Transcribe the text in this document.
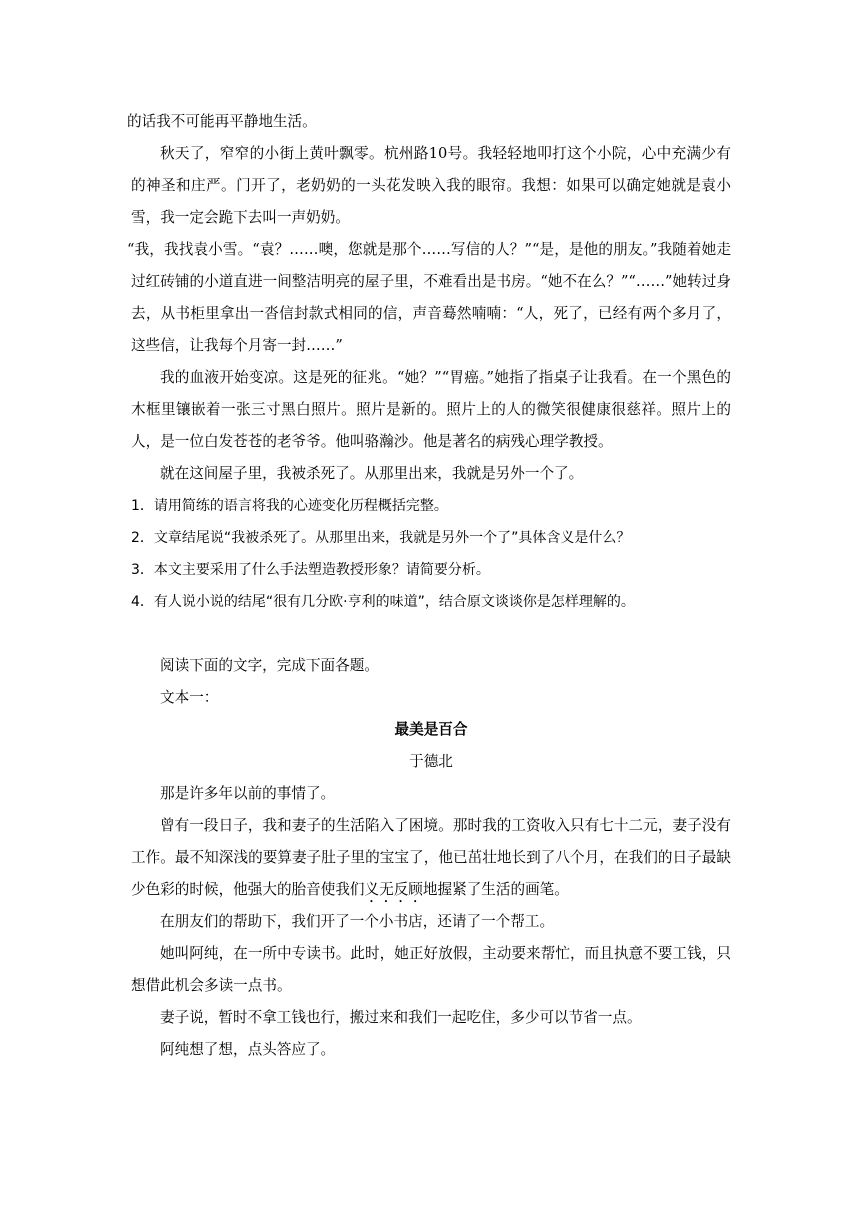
的话我不可能再平静地生活。

秋天了，窄窄的小街上黄叶飘零。杭州路10号。我轻轻地叩打这个小院，心中充满少有的神圣和庄严。门开了，老奶奶的一头花发映入我的眼帘。我想：如果可以确定她就是袁小雪，我一定会跪下去叫一声奶奶。

“我，我找袁小雪。“袁？……噢，您就是那个……写信的人？”“是，是他的朋友。”我随着她走过红砖铺的小道直进一间整洁明亮的屋子里，不难看出是书房。“她不在么？”“……”她转过身去，从书柜里拿出一沓信封款式相同的信，声音蓦然喃喃：“人，死了，已经有两个多月了，这些信，让我每个月寄一封……”

我的血液开始变凉。这是死的征兆。“她？”“胃癌。”她指了指桌子让我看。在一个黑色的木框里镶嵌着一张三寸黑白照片。照片是新的。照片上的人的微笑很健康很慈祥。照片上的人，是一位白发苍苍的老爷爷。他叫骆瀚沙。他是著名的病残心理学教授。

就在这间屋子里，我被杀死了。从那里出来，我就是另外一个了。

1．请用简练的语言将我的心迹变化历程概括完整。

2．文章结尾说“我被杀死了。从那里出来，我就是另外一个了”具体含义是什么？

3．本文主要采用了什么手法塑造教授形象？请简要分析。

4．有人说小说的结尾“很有几分欧·亨利的味道”，结合原文谈谈你是怎样理解的。

阅读下面的文字，完成下面各题。

文本一：

最美是百合

于德北

那是许多年以前的事情了。

曾有一段日子，我和妻子的生活陷入了困境。那时我的工资收入只有七十二元，妻子没有工作。最不知深浅的要算妻子肚子里的宝宝了，他已茁壮地长到了八个月，在我们的日子最缺少色彩的时候，他强大的胎音使我们义无反顾地握紧了生活的画笔。

在朋友们的帮助下，我们开了一个小书店，还请了一个帮工。

她叫阿纯，在一所中专读书。此时，她正好放假，主动要来帮忙，而且执意不要工钱，只想借此机会多读一点书。

妻子说，暂时不拿工钱也行，搬过来和我们一起吃住，多少可以节省一点。

阿纯想了想，点头答应了。
